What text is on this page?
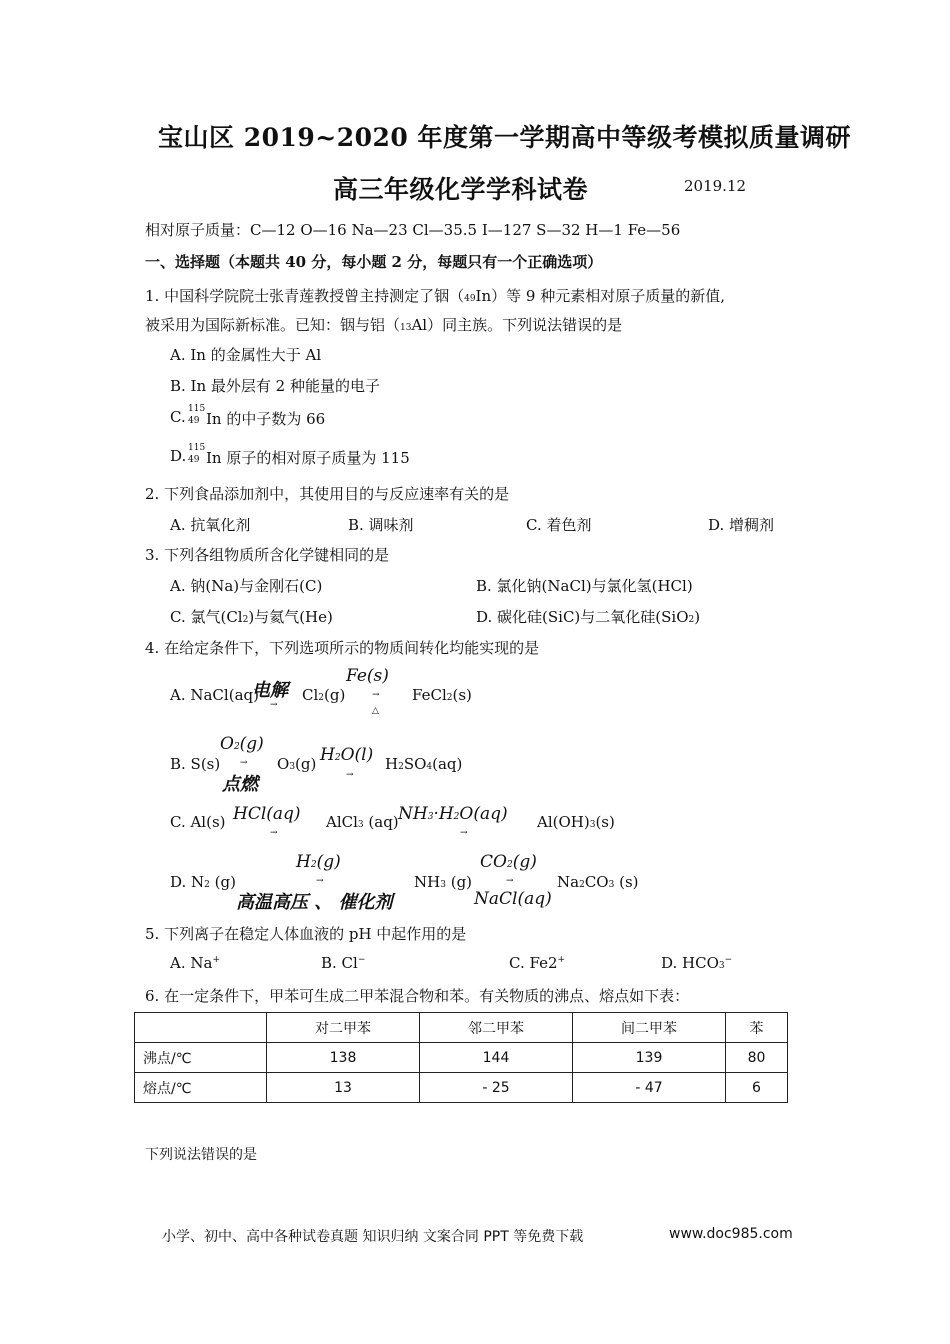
宝山区 2019~2020 年度第一学期高中等级考模拟质量调研
高三年级化学学科试卷	2019.12
相对原子质量：C—12 O—16 Na—23 Cl—35.5 I—127 S—32 H—1 Fe—56
一、选择题（本题共 40 分，每小题 2 分，每题只有一个正确选项）
1. 中国科学院院士张青莲教授曾主持测定了铟（49In）等 9 种元素相对原子质量的新值,
被采用为国际新标准。已知：铟与铝（13Al）同主族。下列说法错误的是
A. In 的金属性大于 Al
B. In 最外层有 2 种能量的电子
C. 115
49 In 的中子数为 66
D. 115
49 In 原子的相对原子质量为 115
2. 下列食品添加剂中，其使用目的与反应速率有关的是
A. 抗氧化剂	B. 调味剂	C. 着色剂	D. 增稠剂
3. 下列各组物质所含化学键相同的是
A. 钠(Na)与金刚石(C)	B. 氯化钠(NaCl)与氯化氢(HCl)
C. 氯气(Cl2)与氦气(He)	D. 碳化硅(SiC)与二氧化硅(SiO2)
4. 在给定条件下，下列选项所示的物质间转化均能实现的是
A. NaCl(aq)
电解
→
Cl2(g)
Fe(s)
→
△
FeCl2(s)
B. S(s)
O2(g)
→
点燃
O3(g) H2O(l)
→
H2SO4(aq)
C. Al(s) HCl(aq)
→
AlCl3 (aq) NH3·H2O(aq)
→
Al(OH)3(s)
D. N2 (g)
H2(g)
→
高温高压 、 催化剂
NH3 (g)
CO2(g)
→
NaCl(aq)
Na2CO3 (s)
5. 下列离子在稳定人体血液的 pH 中起作用的是
A. Na+	B. Cl−	C. Fe2+	D. HCO3−
6. 在一定条件下，甲苯可生成二甲苯混合物和苯。有关物质的沸点、熔点如下表：
	对二甲苯	邻二甲苯	间二甲苯	苯
沸点/℃	138	144	139	80
熔点/℃	13	- 25	- 47	6
下列说法错误的是
小学、初中、高中各种试卷真题 知识归纳 文案合同 PPT 等免费下载	www.doc985.com
